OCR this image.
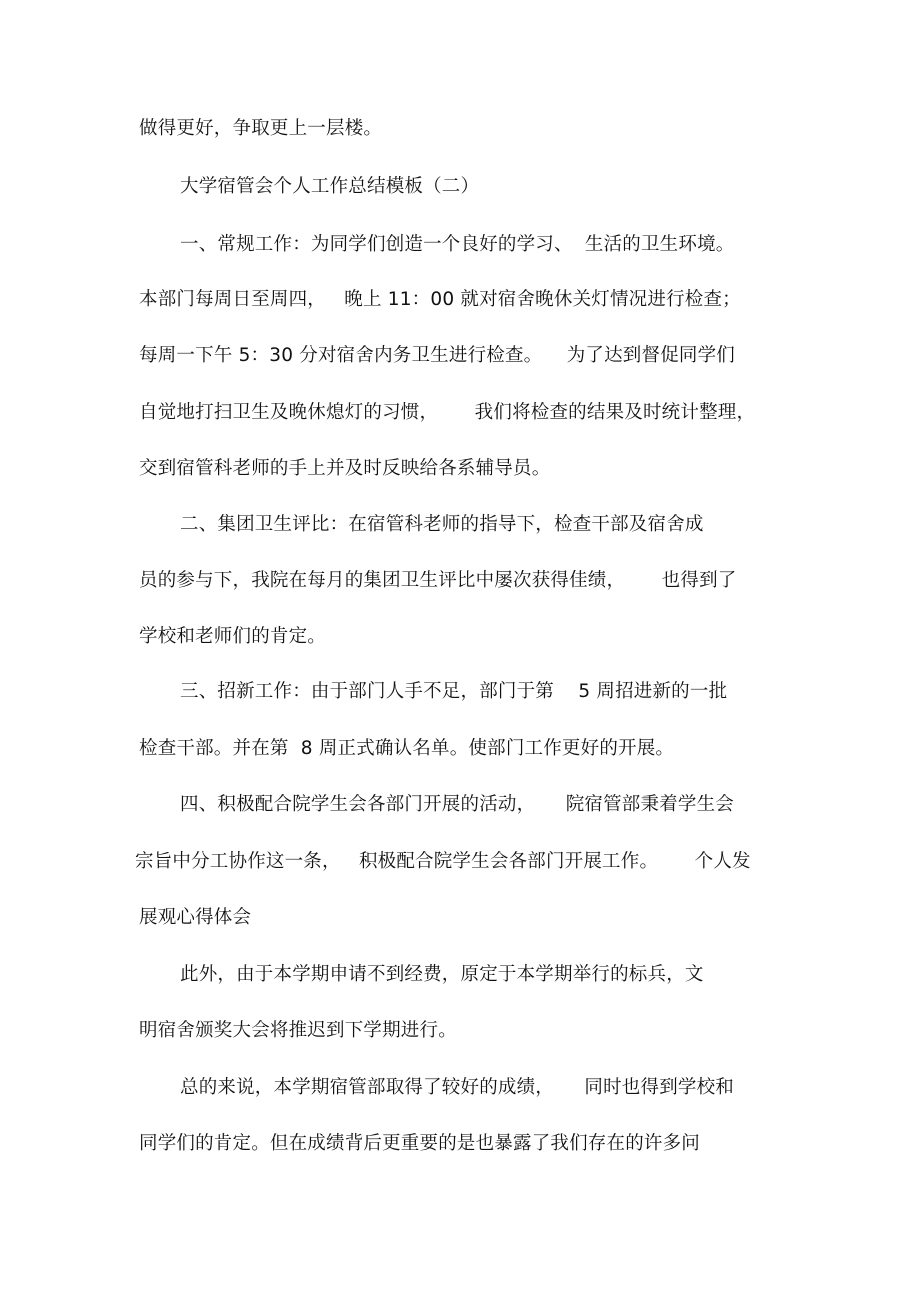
做得更好，争取更上一层楼。
大学宿管会个人工作总结模板（二）
一、常规工作：为同学们创造一个良好的学习、  生活的卫生环境。
本部门每周日至周四，   晚上 11：00 就对宿舍晚休关灯情况进行检查；
每周一下午 5：30 分对宿舍内务卫生进行检查。    为了达到督促同学们
自觉地打扫卫生及晚休熄灯的习惯，      我们将检查的结果及时统计整理，
交到宿管科老师的手上并及时反映给各系辅导员。
二、集团卫生评比：在宿管科老师的指导下，检查干部及宿舍成
员的参与下，我院在每月的集团卫生评比中屡次获得佳绩，      也得到了
学校和老师们的肯定。
三、招新工作：由于部门人手不足，部门于第    5 周招进新的一批
检查干部。并在第  8 周正式确认名单。使部门工作更好的开展。
四、积极配合院学生会各部门开展的活动，     院宿管部秉着学生会
宗旨中分工协作这一条，   积极配合院学生会各部门开展工作。      个人发
展观心得体会
此外，由于本学期申请不到经费，原定于本学期举行的标兵，文
明宿舍颁奖大会将推迟到下学期进行。
总的来说，本学期宿管部取得了较好的成绩，     同时也得到学校和
同学们的肯定。但在成绩背后更重要的是也暴露了我们存在的许多问
